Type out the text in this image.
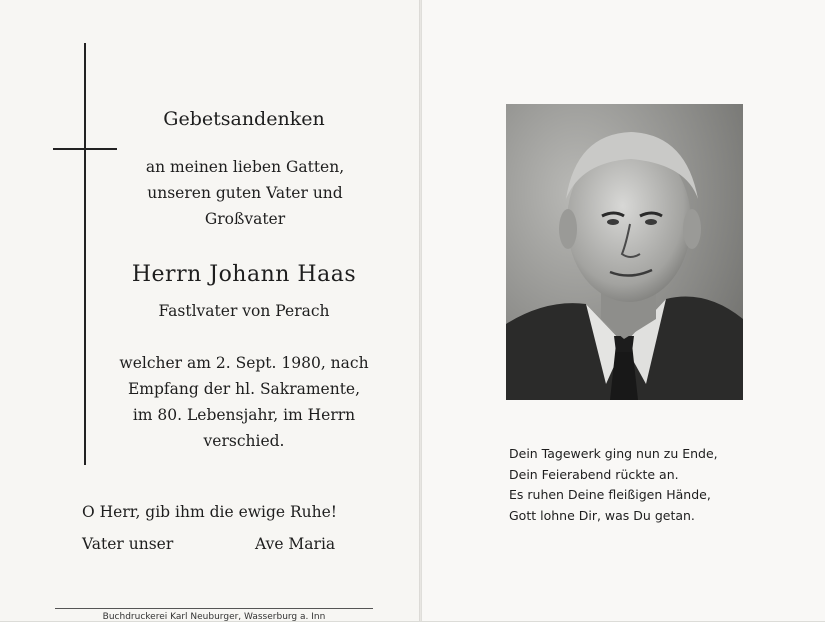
Gebetsandenken
an meinen lieben Gatten,
unseren guten Vater und
Großvater
Herrn Johann Haas
Fastlvater von Perach
welcher am 2. Sept. 1980, nach
Empfang der hl. Sakramente,
im 80. Lebensjahr, im Herrn
verschied.
O Herr, gib ihm die ewige Ruhe!
Vater unser	Ave Maria
Buchdruckerei Karl Neuburger, Wasserburg a. Inn
Dein Tagewerk ging nun zu Ende,
Dein Feierabend rückte an.
Es ruhen Deine fleißigen Hände,
Gott lohne Dir, was Du getan.
